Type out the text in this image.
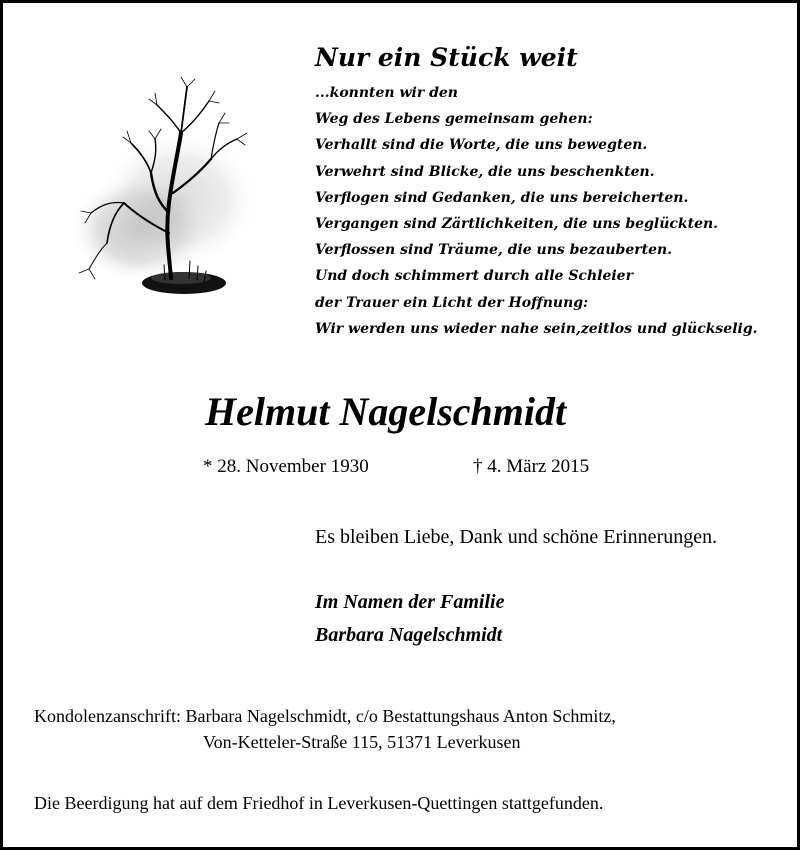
Nur ein Stück weit
...konnten wir den
Weg des Lebens gemeinsam gehen:
Verhallt sind die Worte, die uns bewegten.
Verwehrt sind Blicke, die uns beschenkten.
Verflogen sind Gedanken, die uns bereicherten.
Vergangen sind Zärtlichkeiten, die uns beglückten.
Verflossen sind Träume, die uns bezauberten.
Und doch schimmert durch alle Schleier
der Trauer ein Licht der Hoffnung:
Wir werden uns wieder nahe sein,zeitlos und glückselig.
Helmut Nagelschmidt
* 28. November 1930	† 4. März 2015
Es bleiben Liebe, Dank und schöne Erinnerungen.
Im Namen der Familie
Barbara Nagelschmidt
Kondolenzanschrift: Barbara Nagelschmidt, c/o Bestattungshaus Anton Schmitz,
Von-Ketteler-Straße 115, 51371 Leverkusen
Die Beerdigung hat auf dem Friedhof in Leverkusen-Quettingen stattgefunden.
